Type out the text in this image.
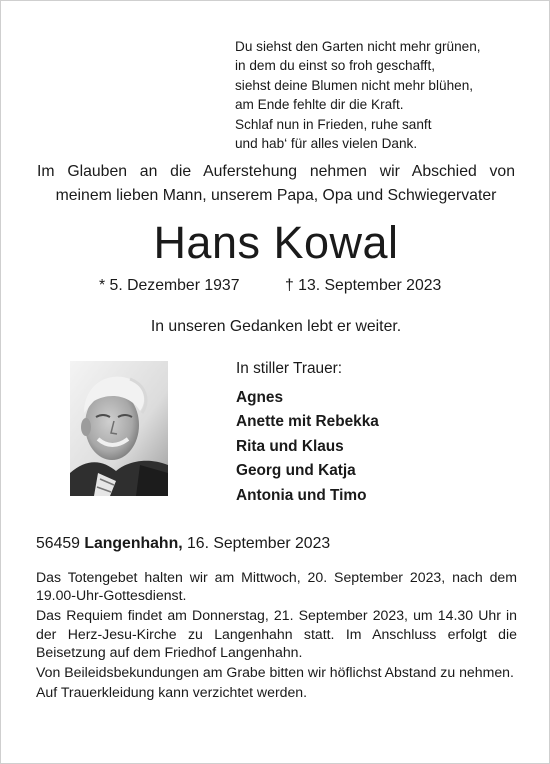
Du siehst den Garten nicht mehr grünen,
in dem du einst so froh geschafft,
siehst deine Blumen nicht mehr blühen,
am Ende fehlte dir die Kraft.
Schlaf nun in Frieden, ruhe sanft
und hab‘ für alles vielen Dank.
Im Glauben an die Auferstehung nehmen wir Abschied von
meinem lieben Mann, unserem Papa, Opa und Schwiegervater
Hans Kowal
* 5. Dezember 1937	† 13. September 2023
In unseren Gedanken lebt er weiter.
In stiller Trauer:
Agnes
Anette mit Rebekka
Rita und Klaus
Georg und Katja
Antonia und Timo
56459 Langenhahn, 16. September 2023

Das Totengebet halten wir am Mittwoch, 20. September 2023, nach dem 19.00-Uhr-Gottesdienst.

Das Requiem findet am Donnerstag, 21. September 2023, um 14.30 Uhr in der Herz-Jesu-Kirche zu Langenhahn statt. Im Anschluss erfolgt die Beisetzung auf dem Friedhof Langenhahn.

Von Beileidsbekundungen am Grabe bitten wir höflichst Abstand zu nehmen.

Auf Trauerkleidung kann verzichtet werden.
